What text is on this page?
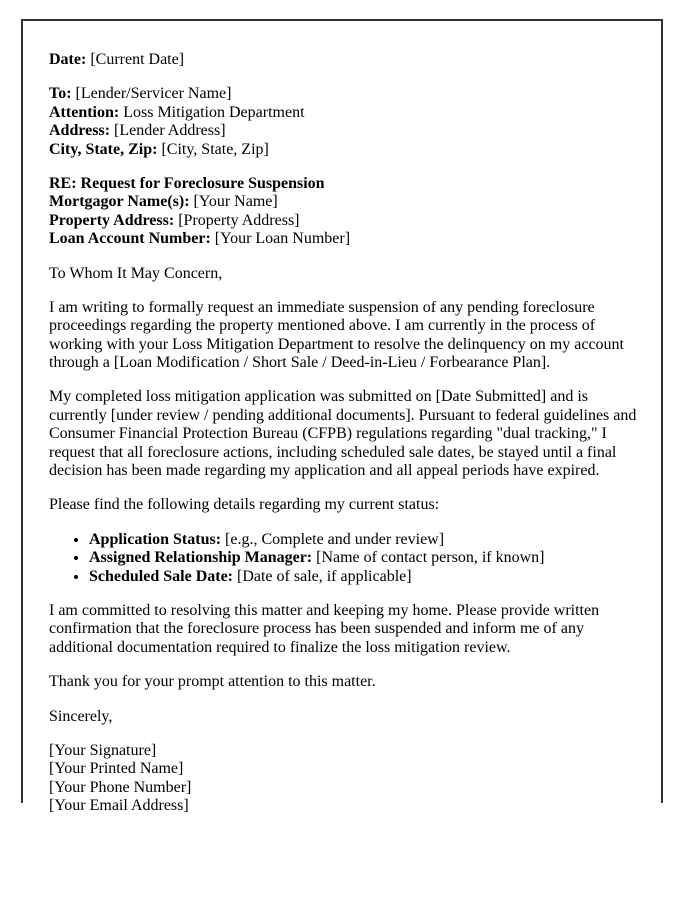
Date: [Current Date]

To: [Lender/Servicer Name]
Attention: Loss Mitigation Department
Address: [Lender Address]
City, State, Zip: [City, State, Zip]

RE: Request for Foreclosure Suspension
Mortgagor Name(s): [Your Name]
Property Address: [Property Address]
Loan Account Number: [Your Loan Number]

To Whom It May Concern,

I am writing to formally request an immediate suspension of any pending foreclosure proceedings regarding the property mentioned above. I am currently in the process of working with your Loss Mitigation Department to resolve the delinquency on my account through a [Loan Modification / Short Sale / Deed-in-Lieu / Forbearance Plan].

My completed loss mitigation application was submitted on [Date Submitted] and is currently [under review / pending additional documents]. Pursuant to federal guidelines and Consumer Financial Protection Bureau (CFPB) regulations regarding "dual tracking," I request that all foreclosure actions, including scheduled sale dates, be stayed until a final decision has been made regarding my application and all appeal periods have expired.

Please find the following details regarding my current status:

• Application Status: [e.g., Complete and under review]
• Assigned Relationship Manager: [Name of contact person, if known]
• Scheduled Sale Date: [Date of sale, if applicable]

I am committed to resolving this matter and keeping my home. Please provide written confirmation that the foreclosure process has been suspended and inform me of any additional documentation required to finalize the loss mitigation review.

Thank you for your prompt attention to this matter.

Sincerely,

[Your Signature]
[Your Printed Name]
[Your Phone Number]
[Your Email Address]
